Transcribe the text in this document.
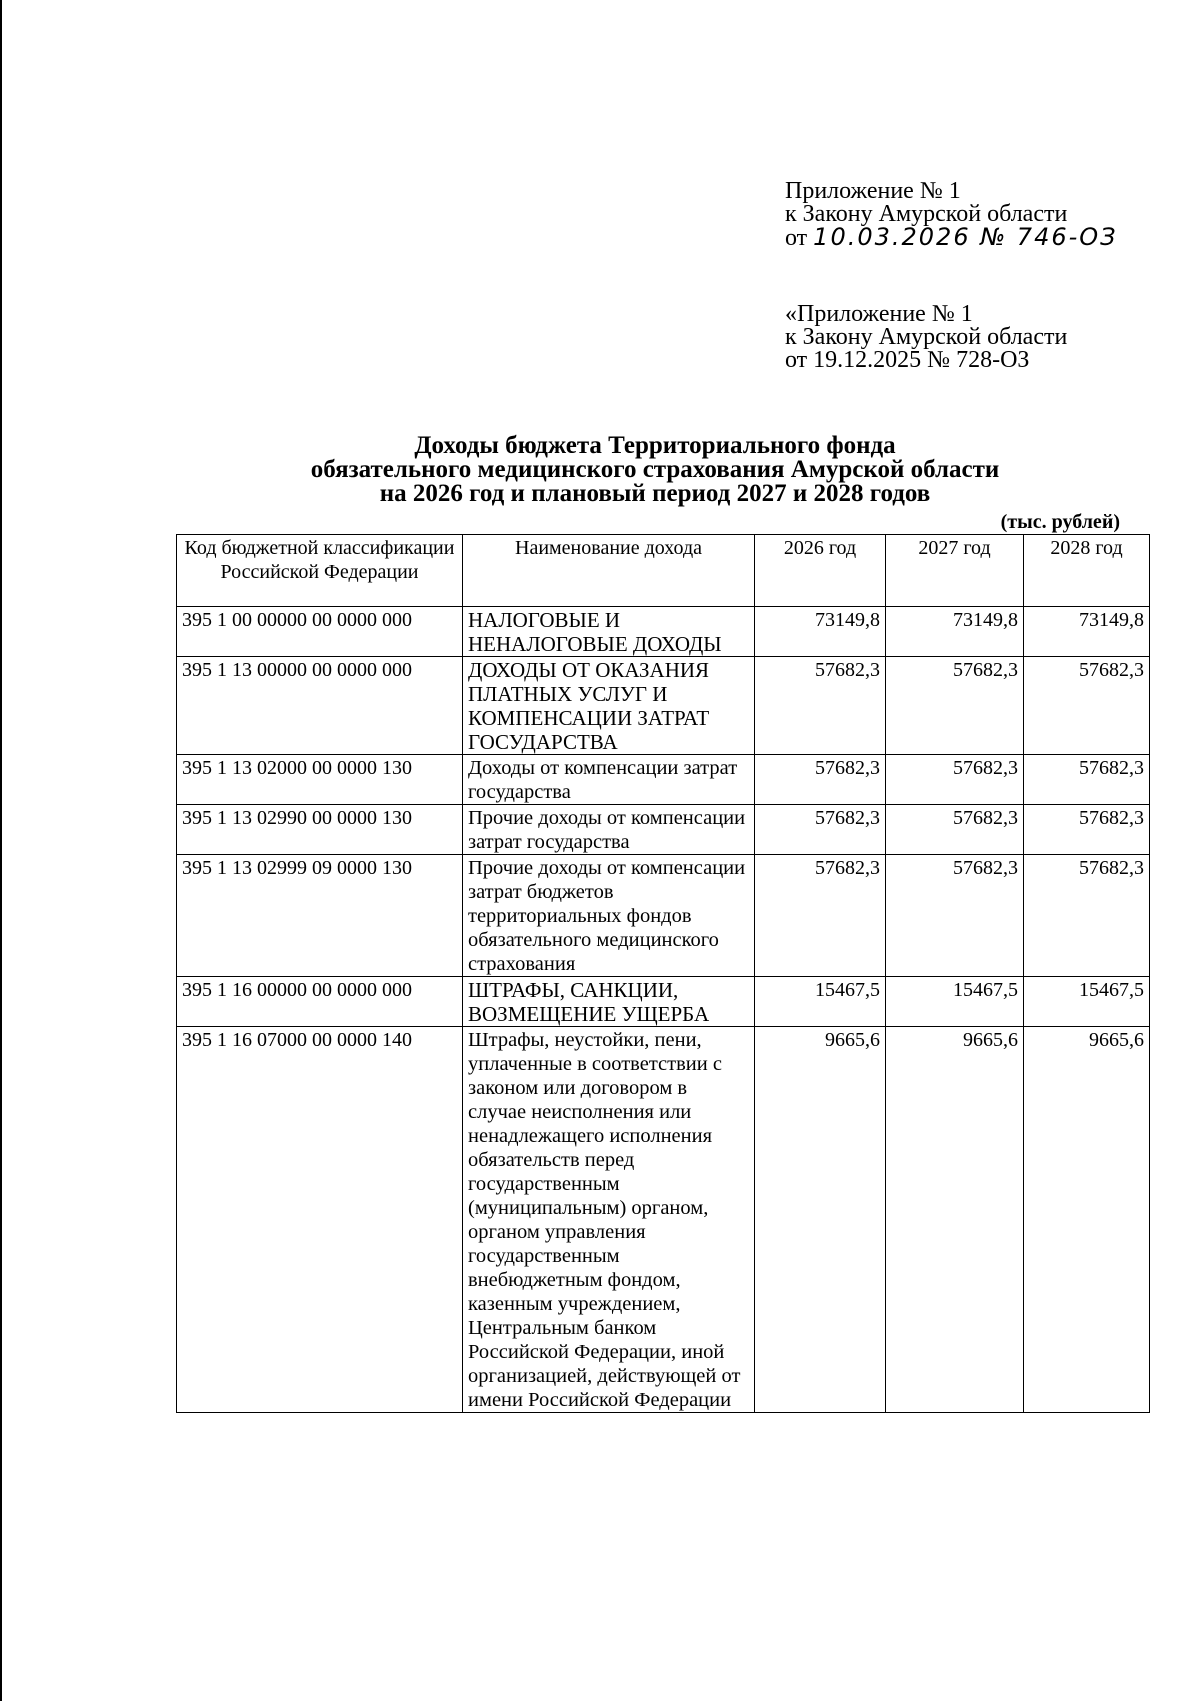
Приложение № 1
к Закону Амурской области
от 10.03.2026 № 746-ОЗ
«Приложение № 1
к Закону Амурской области
от 19.12.2025 № 728-ОЗ
Доходы бюджета Территориального фонда
обязательного медицинского страхования Амурской области
на 2026 год и плановый период 2027 и 2028 годов
(тыс. рублей)
Код бюджетной классификации Российской Федерации	Наименование дохода	2026 год	2027 год	2028 год
395 1 00 00000 00 0000 000	НАЛОГОВЫЕ И НЕНАЛОГОВЫЕ ДОХОДЫ	73149,8	73149,8	73149,8
395 1 13 00000 00 0000 000	ДОХОДЫ ОТ ОКАЗАНИЯ ПЛАТНЫХ УСЛУГ И КОМПЕНСАЦИИ ЗАТРАТ ГОСУДАРСТВА	57682,3	57682,3	57682,3
395 1 13 02000 00 0000 130	Доходы от компенсации затрат государства	57682,3	57682,3	57682,3
395 1 13 02990 00 0000 130	Прочие доходы от компенсации затрат государства	57682,3	57682,3	57682,3
395 1 13 02999 09 0000 130	Прочие доходы от компенсации затрат бюджетов территориальных фондов обязательного медицинского страхования	57682,3	57682,3	57682,3
395 1 16 00000 00 0000 000	ШТРАФЫ, САНКЦИИ, ВОЗМЕЩЕНИЕ УЩЕРБА	15467,5	15467,5	15467,5
395 1 16 07000 00 0000 140	Штрафы, неустойки, пени, уплаченные в соответствии с законом или договором в случае неисполнения или ненадлежащего исполнения обязательств перед государственным (муниципальным) органом, органом управления государственным внебюджетным фондом, казенным учреждением, Центральным банком Российской Федерации, иной организацией, действующей от имени Российской Федерации	9665,6	9665,6	9665,6
